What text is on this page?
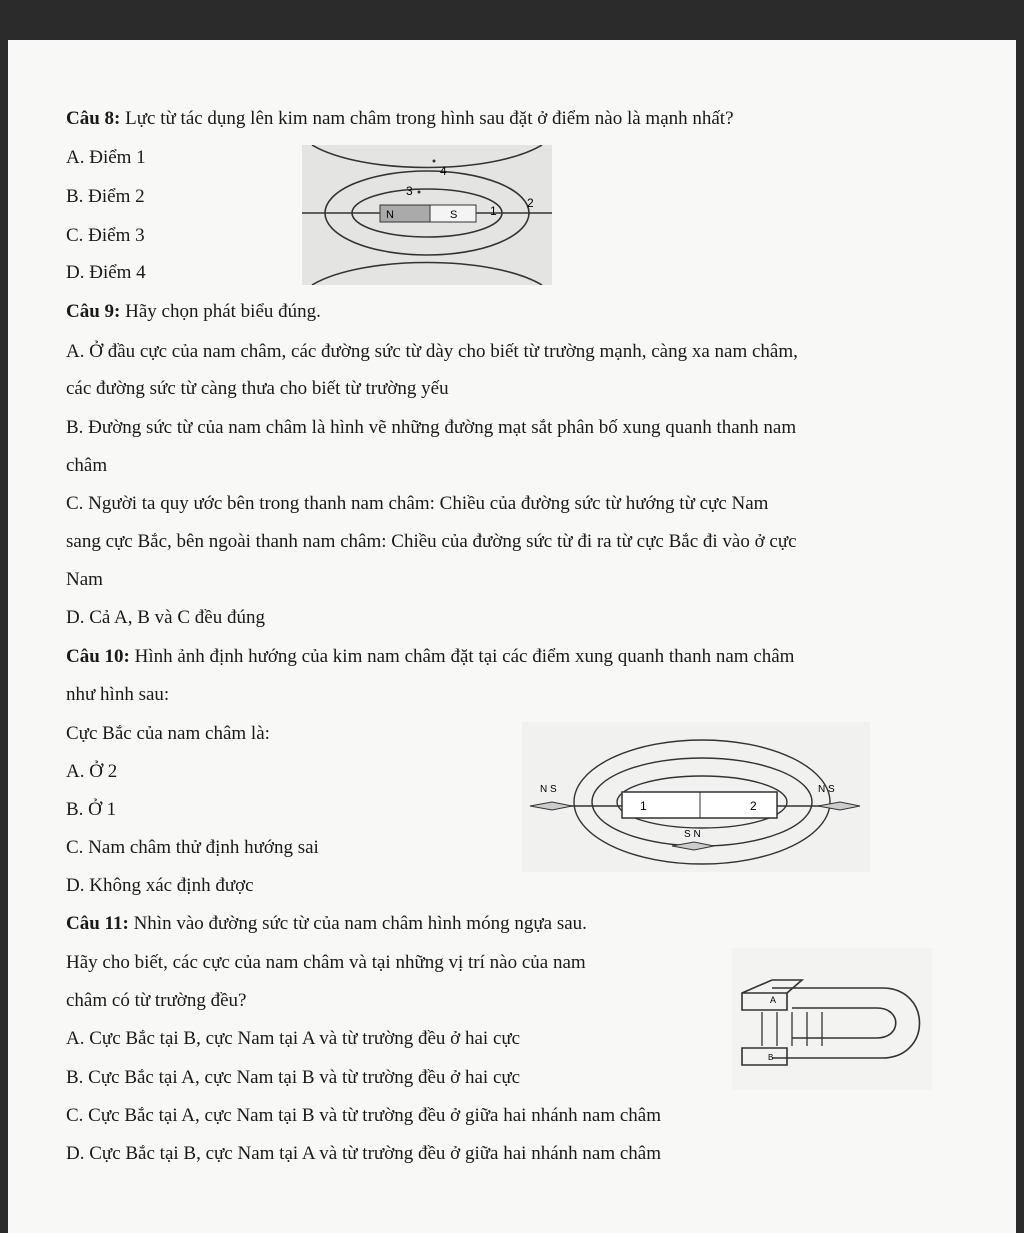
Câu 8: Lực từ tác dụng lên kim nam châm trong hình sau đặt ở điểm nào là mạnh nhất?
A. Điểm 1
B. Điểm 2
C. Điểm 3
D. Điểm 4
N	S	1
2
3
4
Câu 9: Hãy chọn phát biểu đúng.
A. Ở đầu cực của nam châm, các đường sức từ dày cho biết từ trường mạnh, càng xa nam châm,
các đường sức từ càng thưa cho biết từ trường yếu
B. Đường sức từ của nam châm là hình vẽ những đường mạt sắt phân bố xung quanh thanh nam
châm
C. Người ta quy ước bên trong thanh nam châm: Chiều của đường sức từ hướng từ cực Nam
sang cực Bắc, bên ngoài thanh nam châm: Chiều của đường sức từ đi ra từ cực Bắc đi vào ở cực
Nam
D. Cả A, B và C đều đúng
Câu 10: Hình ảnh định hướng của kim nam châm đặt tại các điểm xung quanh thanh nam châm
như hình sau:
Cực Bắc của nam châm là:
A. Ở 2
B. Ở 1
C. Nam châm thử định hướng sai
D. Không xác định được
1	2
N S	N S
S N
Câu 11: Nhìn vào đường sức từ của nam châm hình móng ngựa sau.
Hãy cho biết, các cực của nam châm và tại những vị trí nào của nam
châm có từ trường đều?
A. Cực Bắc tại B, cực Nam tại A và từ trường đều ở hai cực
B. Cực Bắc tại A, cực Nam tại B và từ trường đều ở hai cực
C. Cực Bắc tại A, cực Nam tại B và từ trường đều ở giữa hai nhánh nam châm
D. Cực Bắc tại B, cực Nam tại A và từ trường đều ở giữa hai nhánh nam châm
A
B
